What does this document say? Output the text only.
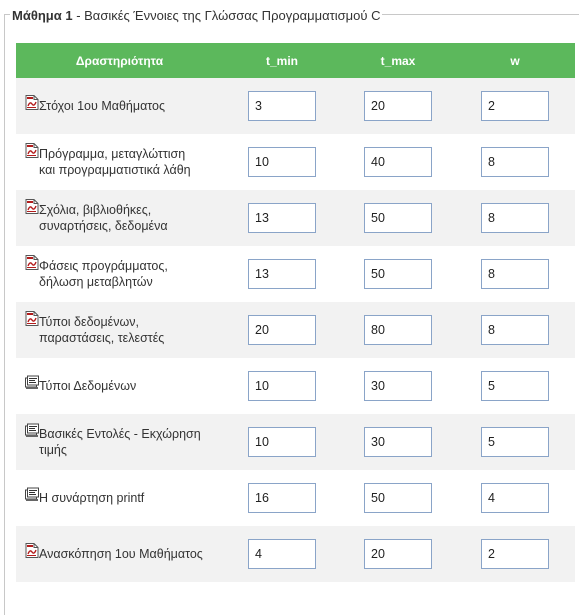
Μάθημα 1 - Βασικές Έννοιες της Γλώσσας Προγραμματισμού C
Δραστηριότητα	t_min	t_max	w

Στόχοι 1ου Μαθήματος	3	20	2

Πρόγραμμα, μεταγλώττιση
και προγραμματιστικά λάθη	10	40	8

Σχόλια, βιβλιοθήκες,
συναρτήσεις, δεδομένα	13	50	8

Φάσεις προγράμματος,
δήλωση μεταβλητών	13	50	8

Τύποι δεδομένων,
παραστάσεις, τελεστές	20	80	8

Τύποι Δεδομένων	10	30	5

Βασικές Εντολές - Εκχώρηση
τιμής	10	30	5

Η συνάρτηση printf	16	50	4

Ανασκόπηση 1ου Μαθήματος	4	20	2
